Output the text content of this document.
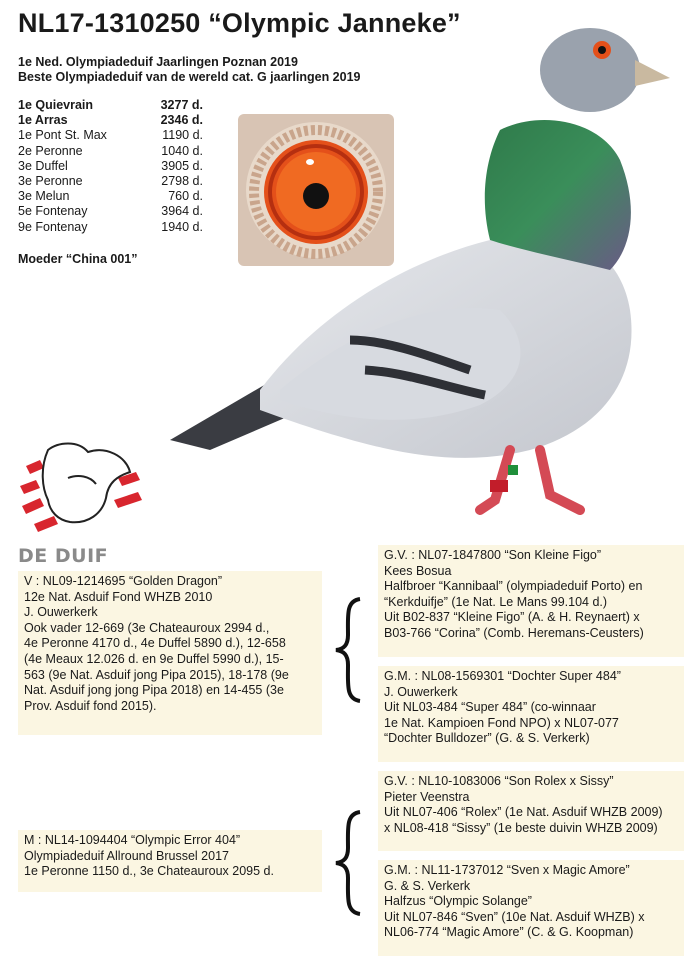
NL17-1310250 “Olympic Janneke”
1e Ned. Olympiadeduif Jaarlingen Poznan 2019
Beste Olympiadeduif van de wereld cat. G jaarlingen 2019
1e Quievrain	3277 d.
1e Arras	2346 d.
1e Pont St. Max	1190 d.
2e Peronne	1040 d.
3e Duffel	3905 d.
3e Peronne	2798 d.
3e Melun	760 d.
5e Fontenay	3964 d.
9e Fontenay	1940 d.
Moeder “China 001”
DE DUIF
V : NL09-1214695 “Golden Dragon”
12e Nat. Asduif Fond WHZB 2010
J. Ouwerkerk
Ook vader 12-669 (3e Chateauroux 2994 d.,
4e Peronne 4170 d., 4e Duffel 5890 d.), 12-658
(4e Meaux 12.026 d. en 9e Duffel 5990 d.), 15-
563 (9e Nat. Asduif jong Pipa 2015), 18-178 (9e
Nat. Asduif jong jong Pipa 2018) en 14-455 (3e
Prov. Asduif fond 2015).
G.V. : NL07-1847800 “Son Kleine Figo”
Kees Bosua
Halfbroer “Kannibaal” (olympiadeduif Porto) en
“Kerkduifje” (1e Nat. Le Mans 99.104 d.)
Uit B02-837 “Kleine Figo” (A. & H. Reynaert) x
B03-766 “Corina” (Comb. Heremans-Ceusters)
G.M. : NL08-1569301 “Dochter Super 484”
J. Ouwerkerk
Uit NL03-484 “Super 484” (co-winnaar
1e Nat. Kampioen Fond NPO) x NL07-077
“Dochter Bulldozer” (G. & S. Verkerk)
M : NL14-1094404 “Olympic Error 404”
Olympiadeduif Allround Brussel 2017
1e Peronne 1150 d., 3e Chateauroux 2095 d.
G.V. : NL10-1083006 “Son Rolex x Sissy”
Pieter Veenstra
Uit NL07-406 “Rolex” (1e Nat. Asduif WHZB 2009)
x NL08-418 “Sissy” (1e beste duivin WHZB 2009)
G.M. : NL11-1737012 “Sven x Magic Amore”
G. & S. Verkerk
Halfzus “Olympic Solange”
Uit NL07-846 “Sven” (10e Nat. Asduif WHZB) x
NL06-774 “Magic Amore” (C. & G. Koopman)
